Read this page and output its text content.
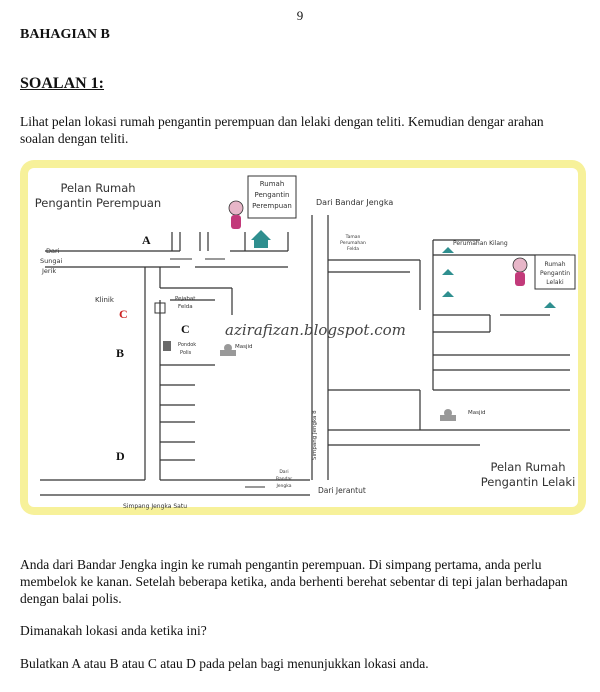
9
BAHAGIAN B
SOALAN 1:
Lihat pelan lokasi rumah pengantin perempuan dan lelaki dengan teliti. Kemudian dengar arahan soalan dengan teliti.
Pelan Rumah
Pengantin Perempuan
Rumah
Pengantin
Perempuan
Dari
Sungai
Jerik
Dari Bandar Jengka
Taman
Perumahan
Felda
Perumahan Kilang
Rumah
Pengantin
Lelaki
Klinik	Pejabat
Felda
Pondok
Polis
Masjid
Masjid
Simpang Jengka 8
Dari
Bandar
Jengka	Dari Jerantut
Simpang Jengka Satu
Pelan Rumah
Pengantin Lelaki
azirafizan.blogspot.com
A
C
C
B
D
Anda dari Bandar Jengka ingin ke rumah pengantin perempuan. Di simpang pertama, anda perlu membelok ke kanan. Setelah beberapa ketika, anda berhenti berehat sebentar di tepi jalan berhadapan dengan balai polis.
Dimanakah lokasi anda ketika ini?
Bulatkan A atau B atau C atau D pada pelan bagi menunjukkan lokasi anda.
